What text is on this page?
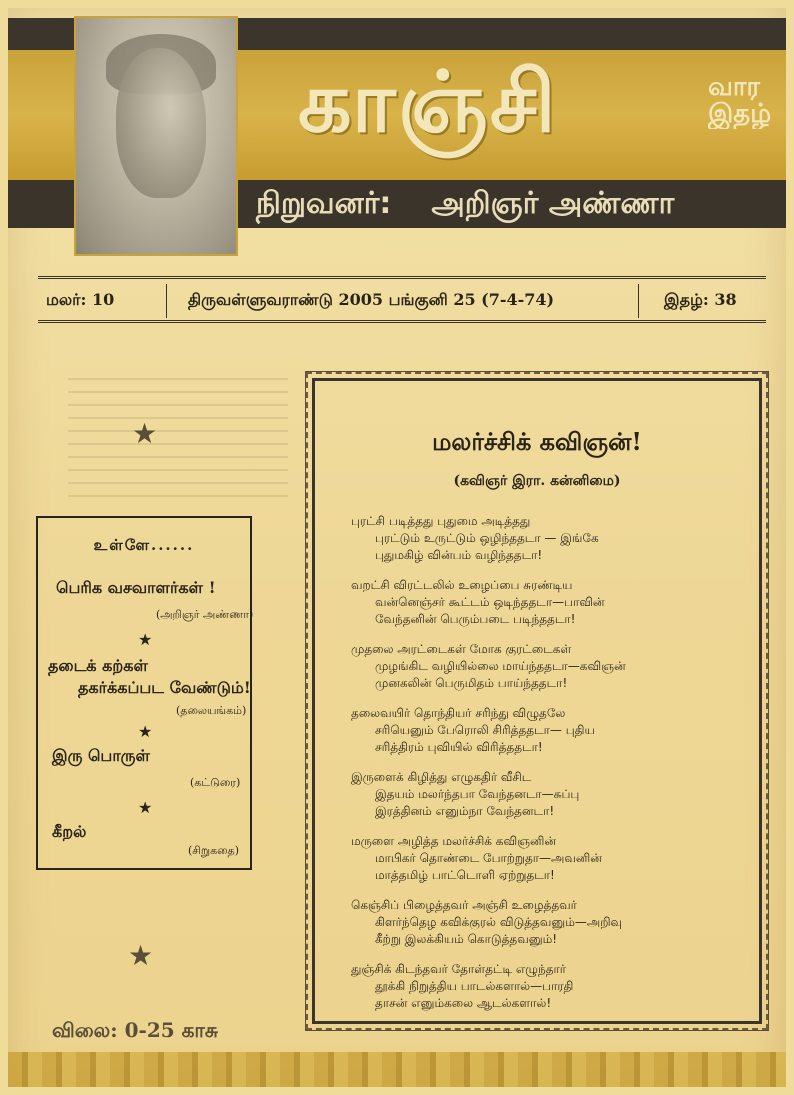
காஞ்சி	வார
இதழ்
நிறுவனர்: அறிஞர் அண்ணா
மலர்: 10	திருவள்ளுவராண்டு 2005 பங்குனி 25 (7-4-74)	இதழ்: 38
★
உள்ளே......
பெரிக வசவாளர்கள் !
(அறிஞர் அண்ணா)
★
தடைக் கற்கள்
தகர்க்கப்பட வேண்டும்!
(தலையங்கம்)
★
இரு பொருள்
(கட்டுரை)
★
கீறல்
(சிறுகதை)
★
மலர்ச்சிக் கவிஞன்!
(கவிஞர் இரா. கன்னிமை)
புரட்சி படித்தது புதுமை அடித்தது
புரட்டும் உருட்டும் ஒழிந்ததடா — இங்கே
புதுமகிழ் வின்பம் வழிந்ததடா!
வறட்சி விரட்டலில் உழைப்பை சுரண்டிய
வன்னெஞ்சர் கூட்டம் ஒடிந்ததடா—பாவின்
வேந்தனின் பெரும்படை படிந்ததடா!
முதலை அரட்டைகள் மோக குரட்டைகள்
முழங்கிட வழியில்லை மாய்ந்ததடா—கவிஞன்
முனகலின் பெருமிதம் பாய்ந்ததடா!
தலைவயிர் தொந்தியர் சரிந்து விழுதலே
சரியெனும் பேரொலி சிரித்ததடா— புதிய
சரித்திரம் புவியில் விரித்ததடா!
இருளைக் கிழித்து எழுகதிர் வீசிட
இதயம் மலர்ந்தபா வேந்தனடா—சுப்பு
இரத்தினம் எனும்நா வேந்தனடா!
மருளை அழித்த மலர்ச்சிக் கவிஞனின்
மாபிகர் தொண்டை போற்றுதா—அவனின்
மாத்தமிழ் பாட்டொளி ஏற்றுதடா!
கெஞ்சிப் பிழைத்தவர் அஞ்சி உழைத்தவர்
கிளர்ந்தெழ கவிக்குரல் விடுத்தவனும்—அறிவு
கீற்று இலக்கியம் கொடுத்தவனும்!
துஞ்சிக் கிடந்தவர் தோள்தட்டி எழுந்தார்
தூக்கி நிறுத்திய பாடல்களால்—பாரதி
தாசன் எனும்கலை ஆடல்களால்!
விலை: 0-25 காசு
